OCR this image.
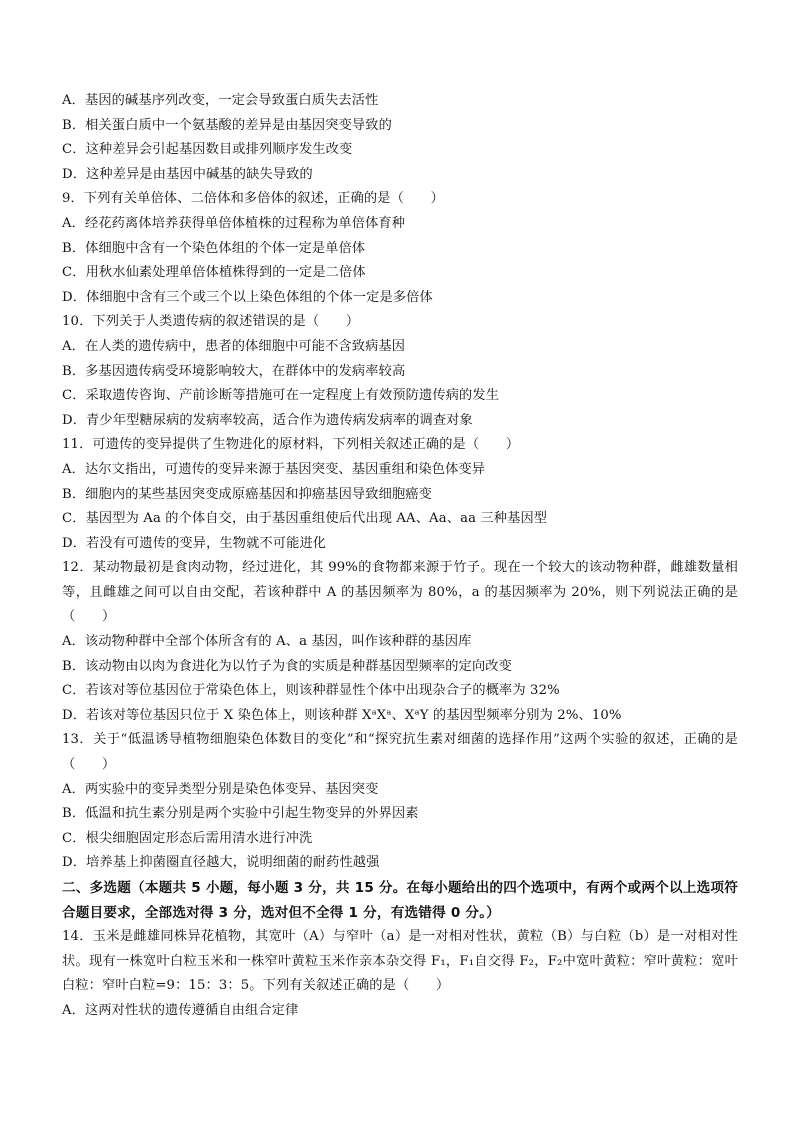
A．基因的碱基序列改变，一定会导致蛋白质失去活性
B．相关蛋白质中一个氨基酸的差异是由基因突变导致的
C．这种差异会引起基因数目或排列顺序发生改变
D．这种差异是由基因中碱基的缺失导致的
9．下列有关单倍体、二倍体和多倍体的叙述，正确的是（　　）
A．经花药离体培养获得单倍体植株的过程称为单倍体育种
B．体细胞中含有一个染色体组的个体一定是单倍体
C．用秋水仙素处理单倍体植株得到的一定是二倍体
D．体细胞中含有三个或三个以上染色体组的个体一定是多倍体
10．下列关于人类遗传病的叙述错误的是（　　）
A．在人类的遗传病中，患者的体细胞中可能不含致病基因
B．多基因遗传病受环境影响较大，在群体中的发病率较高
C．采取遗传咨询、产前诊断等措施可在一定程度上有效预防遗传病的发生
D．青少年型糖尿病的发病率较高，适合作为遗传病发病率的调查对象
11．可遗传的变异提供了生物进化的原材料，下列相关叙述正确的是（　　）
A．达尔文指出，可遗传的变异来源于基因突变、基因重组和染色体变异
B．细胞内的某些基因突变成原癌基因和抑癌基因导致细胞癌变
C．基因型为 Aa 的个体自交，由于基因重组使后代出现 AA、Aa、aa 三种基因型
D．若没有可遗传的变异，生物就不可能进化
12．某动物最初是食肉动物，经过进化，其 99%的食物都来源于竹子。现在一个较大的该动物种群，雌雄数量相等，且雌雄之间可以自由交配，若该种群中 A 的基因频率为 80%，a 的基因频率为 20%，则下列说法正确的是（　　）
A．该动物种群中全部个体所含有的 A、a 基因，叫作该种群的基因库
B．该动物由以肉为食进化为以竹子为食的实质是种群基因型频率的定向改变
C．若该对等位基因位于常染色体上，则该种群显性个体中出现杂合子的概率为 32%
D．若该对等位基因只位于 X 染色体上，则该种群 XᵃXᵃ、XᵃY 的基因型频率分别为 2%、10%
13．关于“低温诱导植物细胞染色体数目的变化”和“探究抗生素对细菌的选择作用”这两个实验的叙述，正确的是（　　）
A．两实验中的变异类型分别是染色体变异、基因突变
B．低温和抗生素分别是两个实验中引起生物变异的外界因素
C．根尖细胞固定形态后需用清水进行冲洗
D．培养基上抑菌圈直径越大，说明细菌的耐药性越强
二、多选题（本题共 5 小题，每小题 3 分，共 15 分。在每小题给出的四个选项中，有两个或两个以上选项符合题目要求，全部选对得 3 分，选对但不全得 1 分，有选错得 0 分。）
14．玉米是雌雄同株异花植物，其宽叶（A）与窄叶（a）是一对相对性状，黄粒（B）与白粒（b）是一对相对性状。现有一株宽叶白粒玉米和一株窄叶黄粒玉米作亲本杂交得 F₁，F₁自交得 F₂，F₂中宽叶黄粒：窄叶黄粒：宽叶白粒：窄叶白粒=9：15：3：5。下列有关叙述正确的是（　　）
A．这两对性状的遗传遵循自由组合定律
